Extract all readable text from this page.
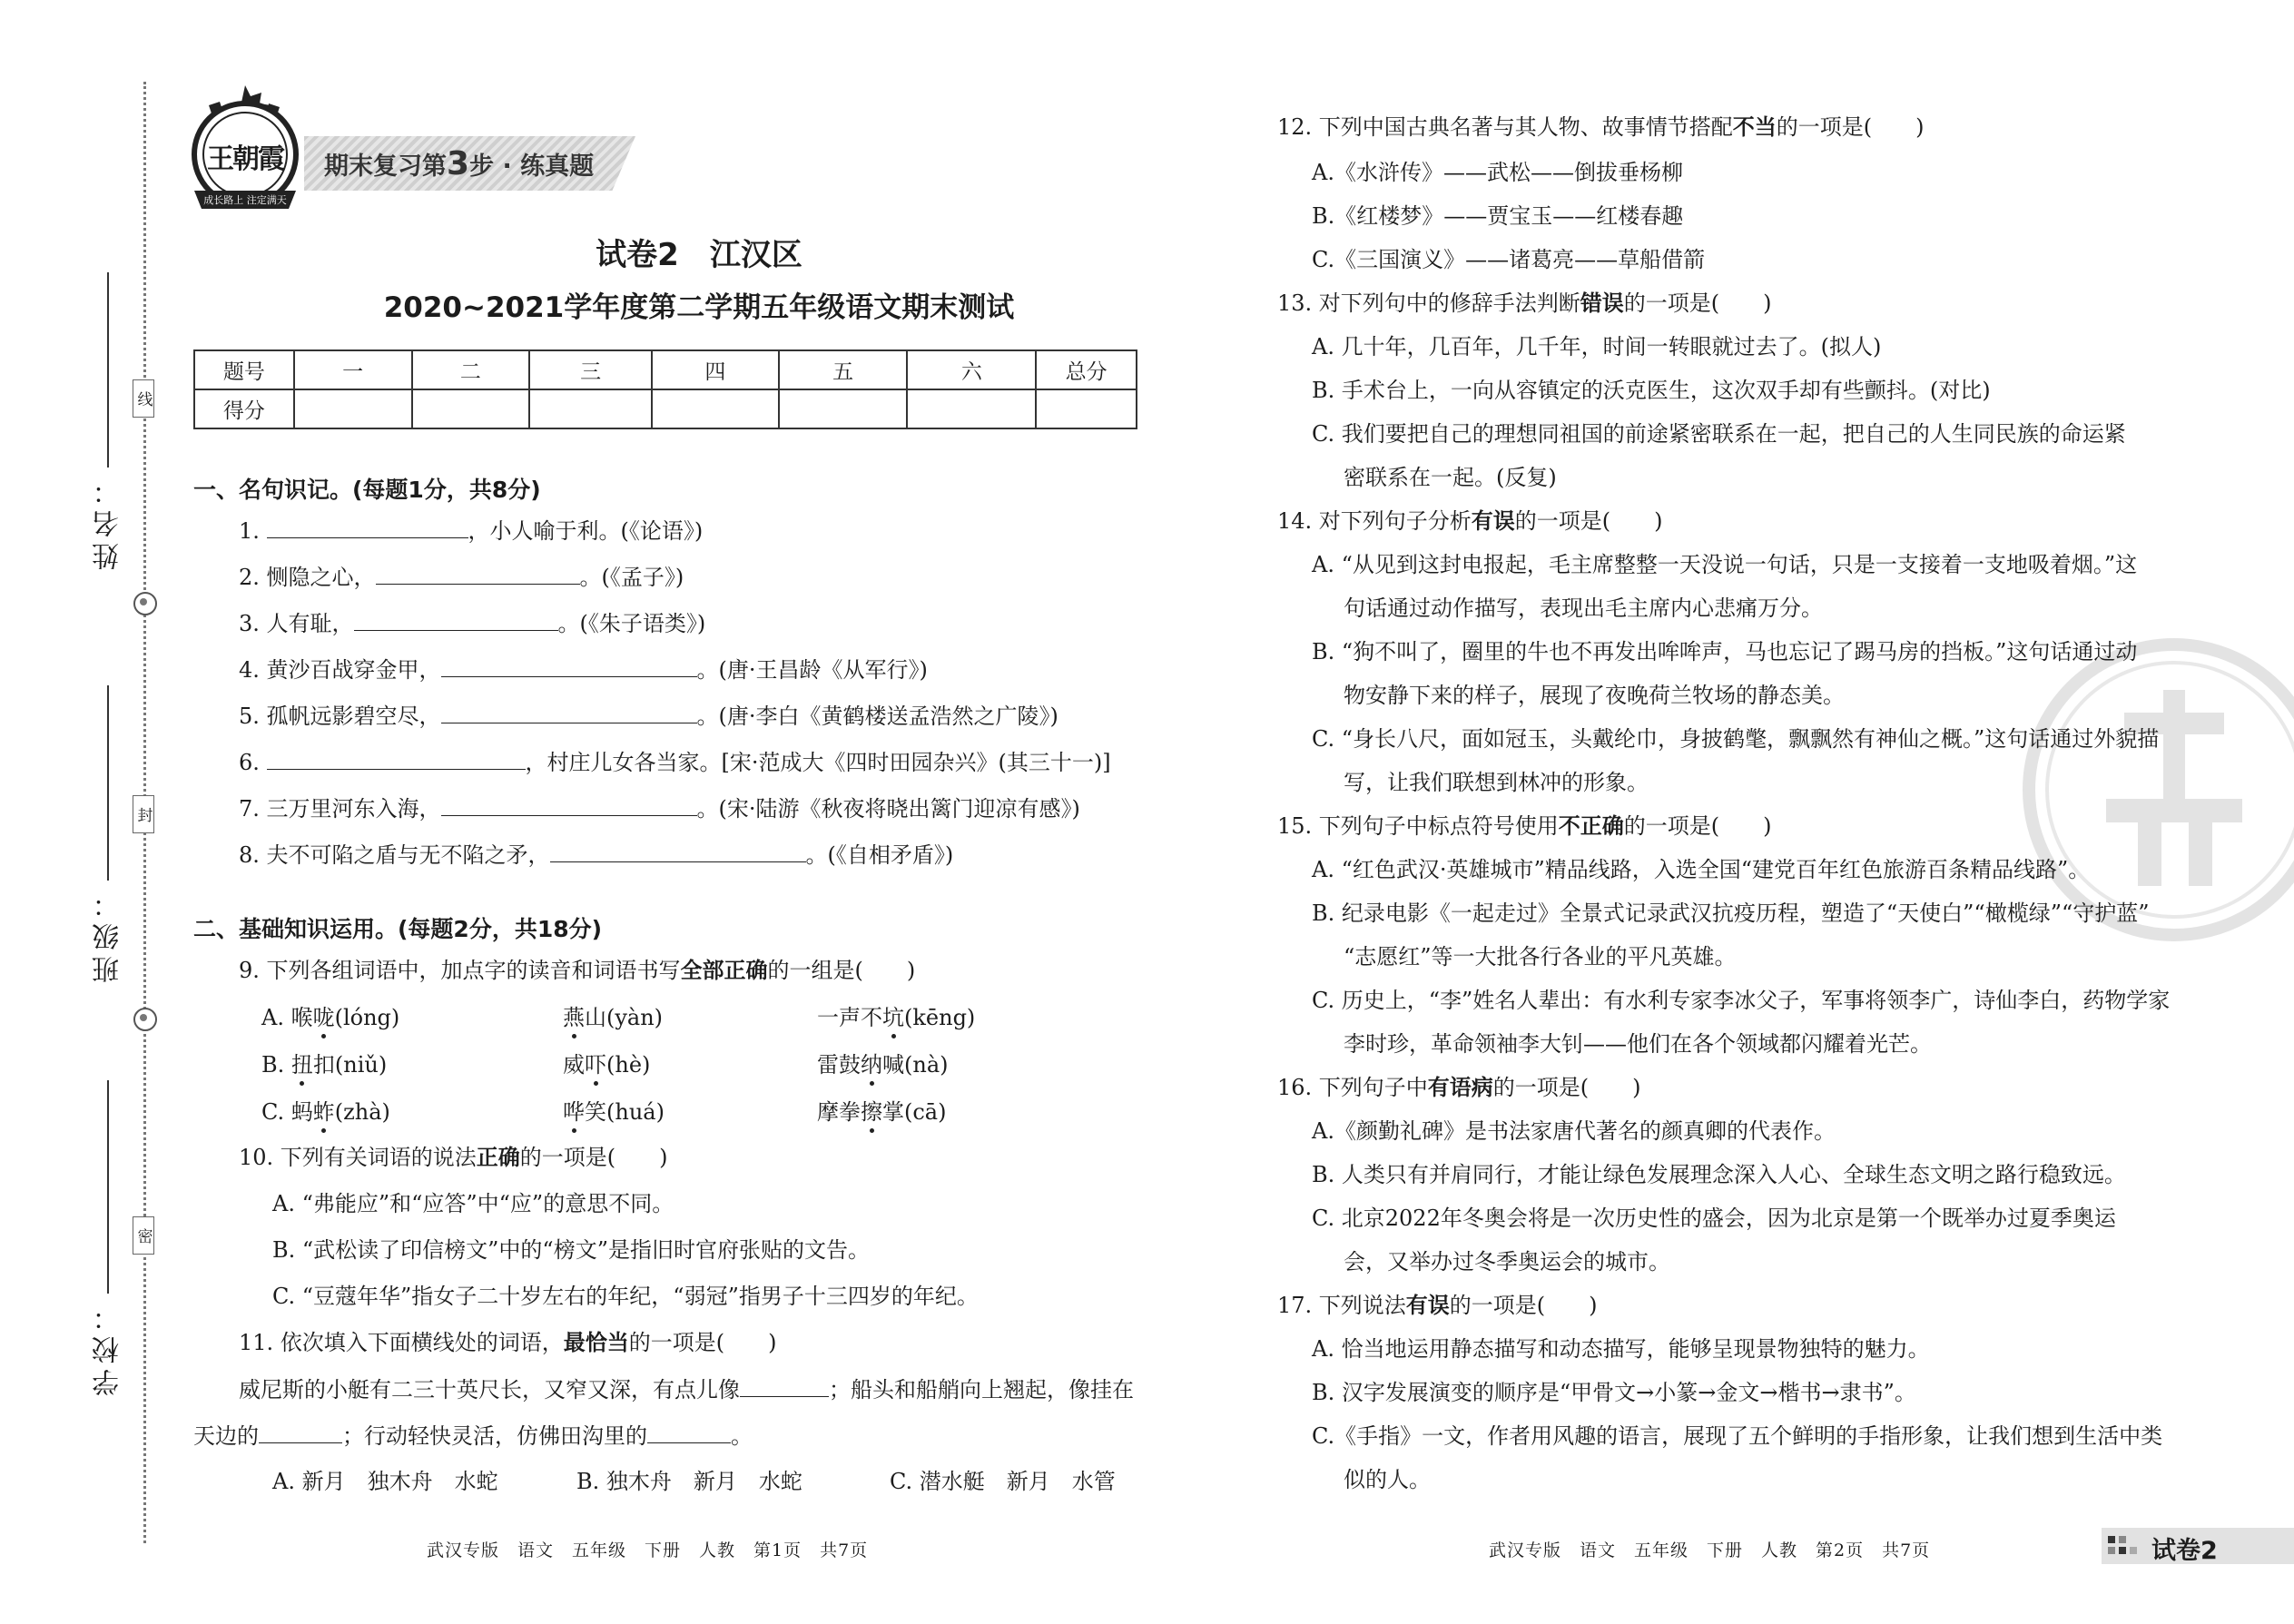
姓名：
班级：
学校：
线
封
密
王朝霞
成长路上 注定满天
期末复习第3步 · 练真题
试卷2　江汉区
2020~2021学年度第二学期五年级语文期末测试
题号	一	二	三	四	五	六	总分
得分							
一、名句识记。(每题1分，共8分)
1.	，小人喻于利。(《论语》)
2. 恻隐之心，	。(《孟子》)
3. 人有耻，	。(《朱子语类》)
4. 黄沙百战穿金甲，	。(唐·王昌龄《从军行》)
5. 孤帆远影碧空尽，	。(唐·李白《黄鹤楼送孟浩然之广陵》)
6.	，村庄儿女各当家。[宋·范成大《四时田园杂兴》(其三十一)]
7. 三万里河东入海，	。(宋·陆游《秋夜将晓出篱门迎凉有感》)
8. 夫不可陷之盾与无不陷之矛，	。(《自相矛盾》)
二、基础知识运用。(每题2分，共18分)
9. 下列各组词语中，加点字的读音和词语书写全部正确的一组是(　　)
A. 喉咙(lóng)	燕山(yàn)	一声不坑(kēng)
B. 扭扣(niǔ)	威吓(hè)	雷鼓纳喊(nà)
C. 蚂蚱(zhà)	哗笑(huá)	摩拳擦掌(cā)
10. 下列有关词语的说法正确的一项是(　　)
A. “弗能应”和“应答”中“应”的意思不同。
B. “武松读了印信榜文”中的“榜文”是指旧时官府张贴的文告。
C. “豆蔻年华”指女子二十岁左右的年纪，“弱冠”指男子十三四岁的年纪。
11. 依次填入下面横线处的词语，最恰当的一项是(　　)
威尼斯的小艇有二三十英尺长，又窄又深，有点儿像	；船头和船艄向上翘起，像挂在
天边的	；行动轻快灵活，仿佛田沟里的	。
A. 新月　独木舟　水蛇	B. 独木舟　新月　水蛇	C. 潜水艇　新月　水管
武汉专版　语文　五年级　下册　人教　第1页　共7页
12. 下列中国古典名著与其人物、故事情节搭配不当的一项是(　　)
A.《水浒传》——武松——倒拔垂杨柳
B.《红楼梦》——贾宝玉——红楼春趣
C.《三国演义》——诸葛亮——草船借箭
13. 对下列句中的修辞手法判断错误的一项是(　　)
A. 几十年，几百年，几千年，时间一转眼就过去了。(拟人)
B. 手术台上，一向从容镇定的沃克医生，这次双手却有些颤抖。(对比)
C. 我们要把自己的理想同祖国的前途紧密联系在一起，把自己的人生同民族的命运紧
密联系在一起。(反复)
14. 对下列句子分析有误的一项是(　　)
A. “从见到这封电报起，毛主席整整一天没说一句话，只是一支接着一支地吸着烟。”这
句话通过动作描写，表现出毛主席内心悲痛万分。
B. “狗不叫了，圈里的牛也不再发出哞哞声，马也忘记了踢马房的挡板。”这句话通过动
物安静下来的样子，展现了夜晚荷兰牧场的静态美。
C. “身长八尺，面如冠玉，头戴纶巾，身披鹤氅，飘飘然有神仙之概。”这句话通过外貌描
写，让我们联想到林冲的形象。
15. 下列句子中标点符号使用不正确的一项是(　　)
A. “红色武汉·英雄城市”精品线路，入选全国“建党百年红色旅游百条精品线路”。
B. 纪录电影《一起走过》全景式记录武汉抗疫历程，塑造了“天使白”“橄榄绿”“守护蓝”
“志愿红”等一大批各行各业的平凡英雄。
C. 历史上，“李”姓名人辈出：有水利专家李冰父子，军事将领李广，诗仙李白，药物学家
李时珍，革命领袖李大钊——他们在各个领域都闪耀着光芒。
16. 下列句子中有语病的一项是(　　)
A.《颜勤礼碑》是书法家唐代著名的颜真卿的代表作。
B. 人类只有并肩同行，才能让绿色发展理念深入人心、全球生态文明之路行稳致远。
C. 北京2022年冬奥会将是一次历史性的盛会，因为北京是第一个既举办过夏季奥运
会，又举办过冬季奥运会的城市。
17. 下列说法有误的一项是(　　)
A. 恰当地运用静态描写和动态描写，能够呈现景物独特的魅力。
B. 汉字发展演变的顺序是“甲骨文→小篆→金文→楷书→隶书”。
C.《手指》一文，作者用风趣的语言，展现了五个鲜明的手指形象，让我们想到生活中类
似的人。
武汉专版　语文　五年级　下册　人教　第2页　共7页	试卷2
